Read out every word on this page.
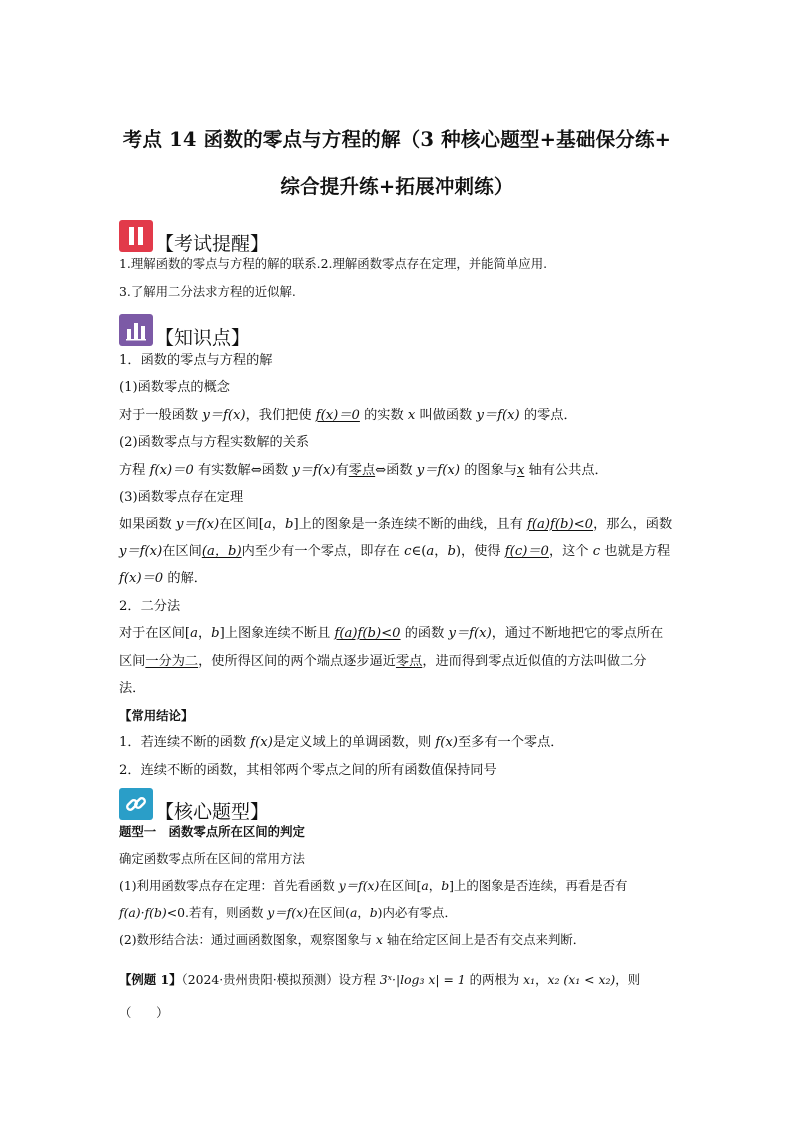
考点 14 函数的零点与方程的解（3 种核心题型+基础保分练+
综合提升练+拓展冲刺练）
【考试提醒】
1.理解函数的零点与方程的解的联系.2.理解函数零点存在定理，并能简单应用.
3.了解用二分法求方程的近似解.
【知识点】
1．函数的零点与方程的解
(1)函数零点的概念
对于一般函数 y＝f(x)，我们把使 f(x)＝0 的实数 x 叫做函数 y＝f(x) 的零点．
(2)函数零点与方程实数解的关系
方程 f(x)＝0 有实数解⇔函数 y＝f(x)有零点⇔函数 y＝f(x) 的图象与x 轴有公共点．
(3)函数零点存在定理
如果函数 y＝f(x)在区间[a，b]上的图象是一条连续不断的曲线，且有 f(a)f(b)<0，那么，函数
y＝f(x)在区间(a，b)内至少有一个零点，即存在 c∈(a，b)，使得 f(c)＝0，这个 c 也就是方程
f(x)＝0 的解．
2．二分法
对于在区间[a，b]上图象连续不断且 f(a)f(b)<0 的函数 y＝f(x)，通过不断地把它的零点所在
区间一分为二，使所得区间的两个端点逐步逼近零点，进而得到零点近似值的方法叫做二分
法．
【常用结论】
1．若连续不断的函数 f(x)是定义域上的单调函数，则 f(x)至多有一个零点．
2．连续不断的函数，其相邻两个零点之间的所有函数值保持同号
【核心题型】
题型一　函数零点所在区间的判定
确定函数零点所在区间的常用方法
(1)利用函数零点存在定理：首先看函数 y＝f(x)在区间[a，b]上的图象是否连续，再看是否有
f(a)·f(b)<0.若有，则函数 y＝f(x)在区间(a，b)内必有零点．
(2)数形结合法：通过画函数图象，观察图象与 x 轴在给定区间上是否有交点来判断．
【例题 1】（2024·贵州贵阳·模拟预测）设方程 3ˣ·|log₃ x| = 1 的两根为 x₁，x₂ (x₁ < x₂)，则
（　　）
